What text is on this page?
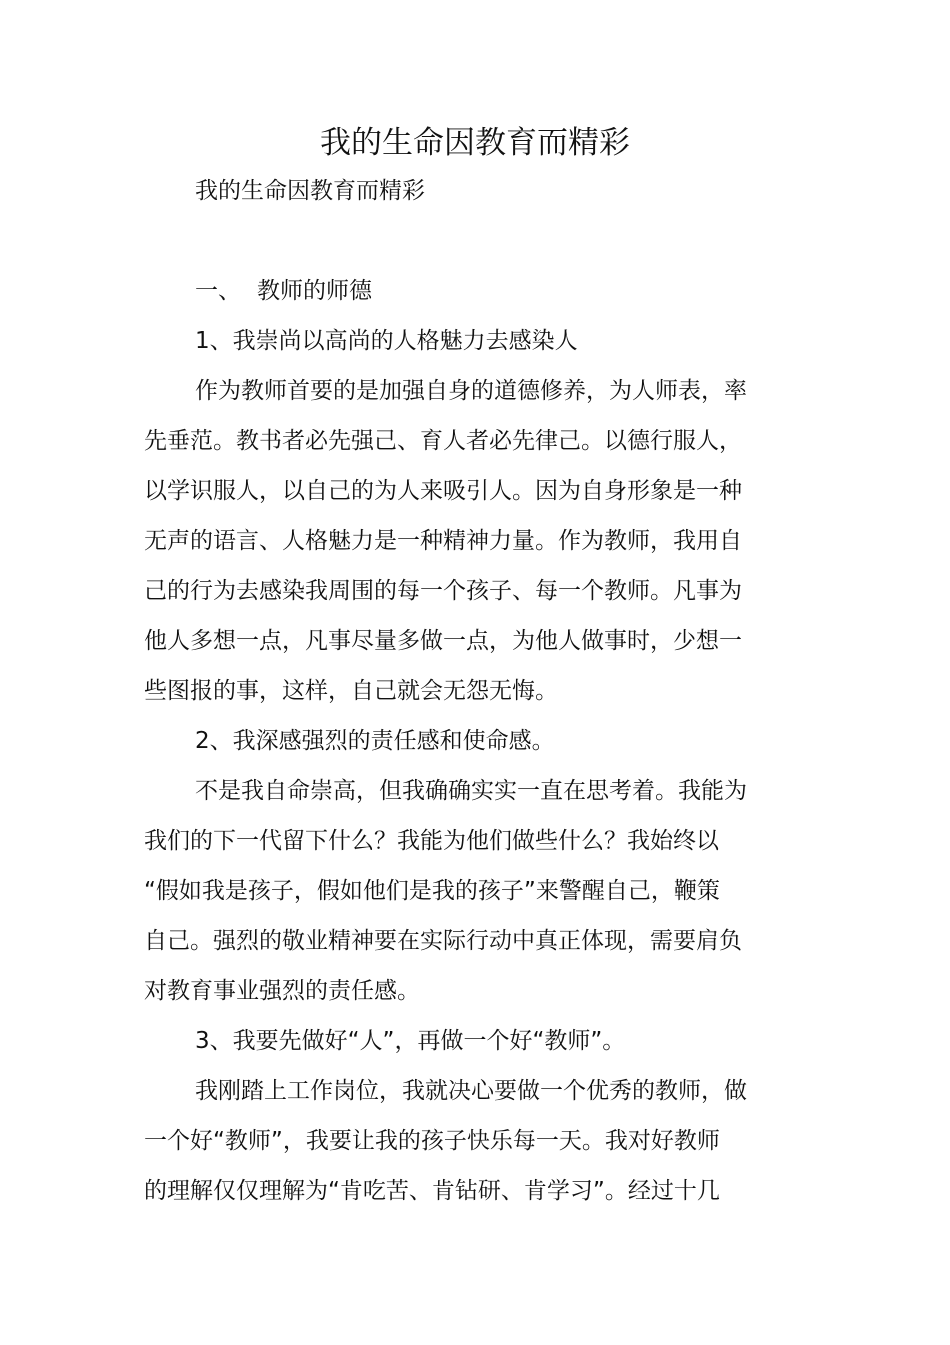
我的生命因教育而精彩
我的生命因教育而精彩
一、 教师的师德
1、我崇尚以高尚的人格魅力去感染人
作为教师首要的是加强自身的道德修养，为人师表，率
先垂范。教书者必先强己、育人者必先律己。以德行服人，
以学识服人，以自己的为人来吸引人。因为自身形象是一种
无声的语言、人格魅力是一种精神力量。作为教师，我用自
己的行为去感染我周围的每一个孩子、每一个教师。凡事为
他人多想一点，凡事尽量多做一点，为他人做事时，少想一
些图报的事，这样，自己就会无怨无悔。
2、我深感强烈的责任感和使命感。
不是我自命崇高，但我确确实实一直在思考着。我能为
我们的下一代留下什么？我能为他们做些什么？我始终以
“假如我是孩子，假如他们是我的孩子”来警醒自己，鞭策
自己。强烈的敬业精神要在实际行动中真正体现，需要肩负
对教育事业强烈的责任感。
3、我要先做好“人”，再做一个好“教师”。
我刚踏上工作岗位，我就决心要做一个优秀的教师，做
一个好“教师”，我要让我的孩子快乐每一天。我对好教师
的理解仅仅理解为“肯吃苦、肯钻研、肯学习”。经过十几
